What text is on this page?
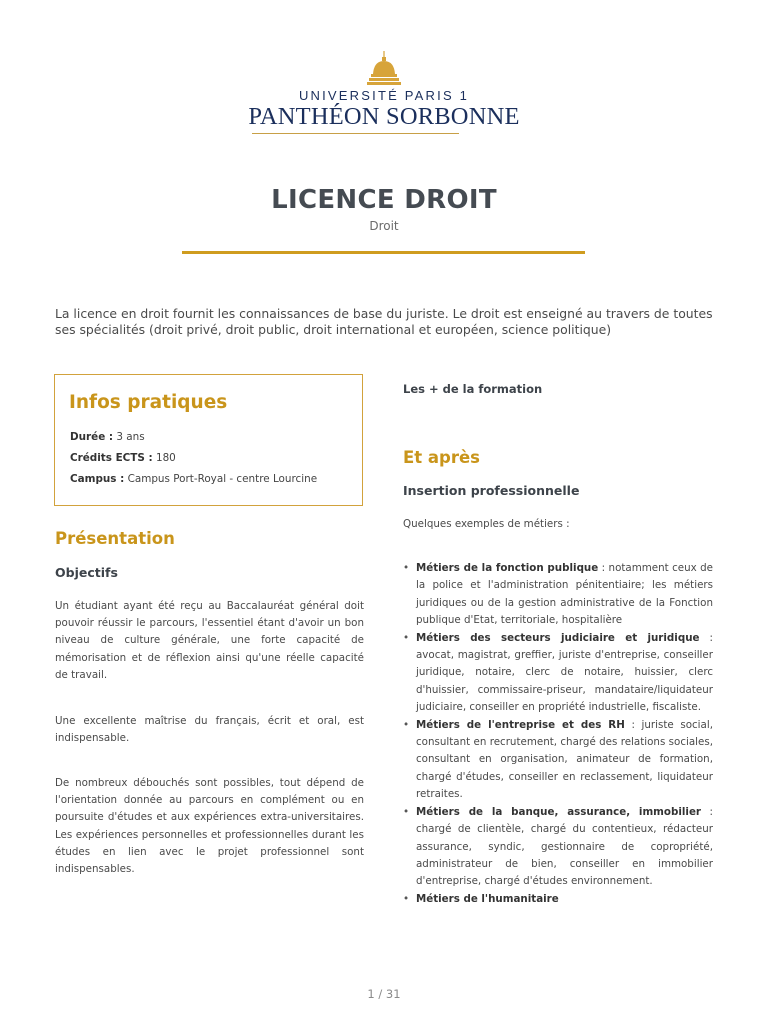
UNIVERSITÉ PARIS 1
PANTHÉON SORBONNE
LICENCE DROIT
Droit
La licence en droit fournit les connaissances de base du juriste. Le droit est enseigné au travers de toutes ses spécialités (droit privé, droit public, droit international et européen, science politique)
Infos pratiques
Durée : 3 ans
Crédits ECTS : 180
Campus : Campus Port-Royal - centre Lourcine
Présentation
Objectifs
Un étudiant ayant été reçu au Baccalauréat général doit pouvoir réussir le parcours, l'essentiel étant d'avoir un bon niveau de culture générale, une forte capacité de mémorisation et de réflexion ainsi qu'une réelle capacité de travail.
Une excellente maîtrise du français, écrit et oral, est indispensable.
De nombreux débouchés sont possibles, tout dépend de l'orientation donnée au parcours en complément ou en poursuite d'études et aux expériences extra-universitaires. Les expériences personnelles et professionnelles durant les études en lien avec le projet professionnel sont indispensables.
Les + de la formation
Et après
Insertion professionnelle
Quelques exemples de métiers :
• Métiers de la fonction publique : notamment ceux de la police et l'administration pénitentiaire; les métiers juridiques ou de la gestion administrative de la Fonction publique d'Etat, territoriale, hospitalière
• Métiers des secteurs judiciaire et juridique : avocat, magistrat, greffier, juriste d'entreprise, conseiller juridique, notaire, clerc de notaire, huissier, clerc d'huissier, commissaire-priseur, mandataire/liquidateur judiciaire, conseiller en propriété industrielle, fiscaliste.
• Métiers de l'entreprise et des RH : juriste social, consultant en recrutement, chargé des relations sociales, consultant en organisation, animateur de formation, chargé d'études, conseiller en reclassement, liquidateur retraites.
• Métiers de la banque, assurance, immobilier : chargé de clientèle, chargé du contentieux, rédacteur assurance, syndic, gestionnaire de copropriété, administrateur de bien, conseiller en immobilier d'entreprise, chargé d'études environnement.
• Métiers de l'humanitaire
1 / 31
